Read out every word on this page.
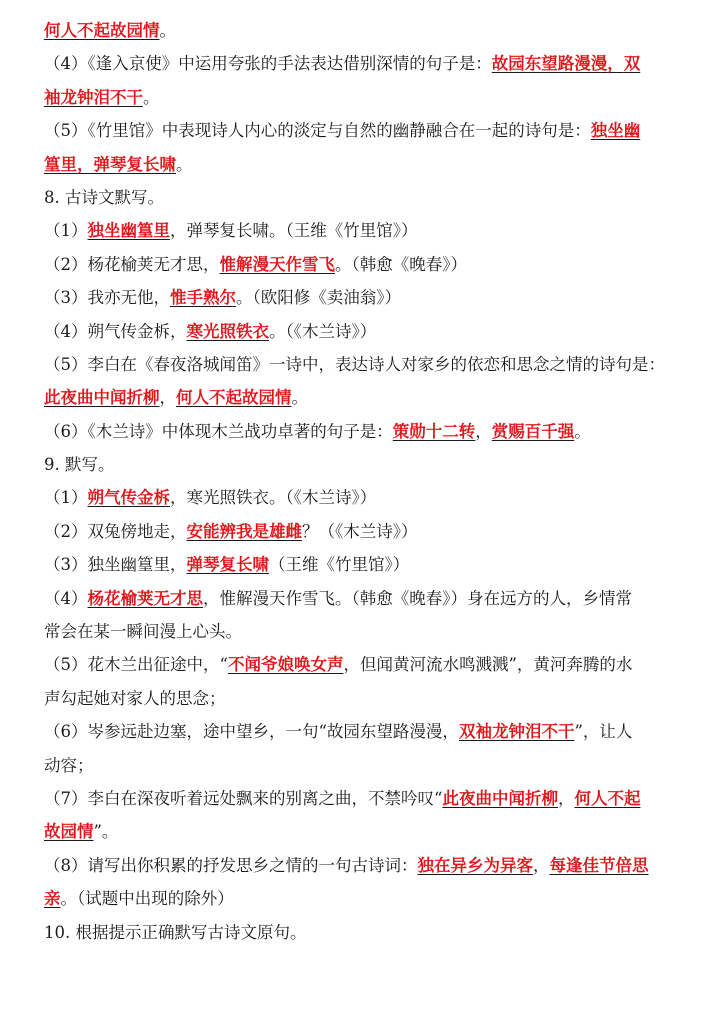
何人不起故园情。
（4）《逢入京使》中运用夸张的手法表达借别深情的句子是：故园东望路漫漫，双
袖龙钟泪不干。
（5）《竹里馆》中表现诗人内心的淡定与自然的幽静融合在一起的诗句是：独坐幽
篁里，弹琴复长啸。
8. 古诗文默写。
（1）独坐幽篁里，弹琴复长啸。（王维《竹里馆》）
（2）杨花榆荚无才思，惟解漫天作雪飞。（韩愈《晚春》）
（3）我亦无他，惟手熟尔。（欧阳修《卖油翁》）
（4）朔气传金柝，寒光照铁衣。（《木兰诗》）
（5）李白在《春夜洛城闻笛》一诗中，表达诗人对家乡的依恋和思念之情的诗句是：
此夜曲中闻折柳，何人不起故园情。
（6）《木兰诗》中体现木兰战功卓著的句子是：策勋十二转，赏赐百千强。
9. 默写。
（1）朔气传金柝，寒光照铁衣。（《木兰诗》）
（2）双兔傍地走，安能辨我是雄雌？（《木兰诗》）
（3）独坐幽篁里，弹琴复长啸（王维《竹里馆》）
（4）杨花榆荚无才思，惟解漫天作雪飞。（韩愈《晚春》）身在远方的人，乡情常
常会在某一瞬间漫上心头。
（5）花木兰出征途中，“不闻爷娘唤女声，但闻黄河流水鸣溅溅”，黄河奔腾的水
声勾起她对家人的思念；
（6）岑参远赴边塞，途中望乡，一句“故园东望路漫漫，双袖龙钟泪不干”，让人
动容；
（7）李白在深夜听着远处飘来的别离之曲，不禁吟叹“此夜曲中闻折柳，何人不起
故园情”。
（8）请写出你积累的抒发思乡之情的一句古诗词：独在异乡为异客，每逢佳节倍思
亲。（试题中出现的除外）
10. 根据提示正确默写古诗文原句。
